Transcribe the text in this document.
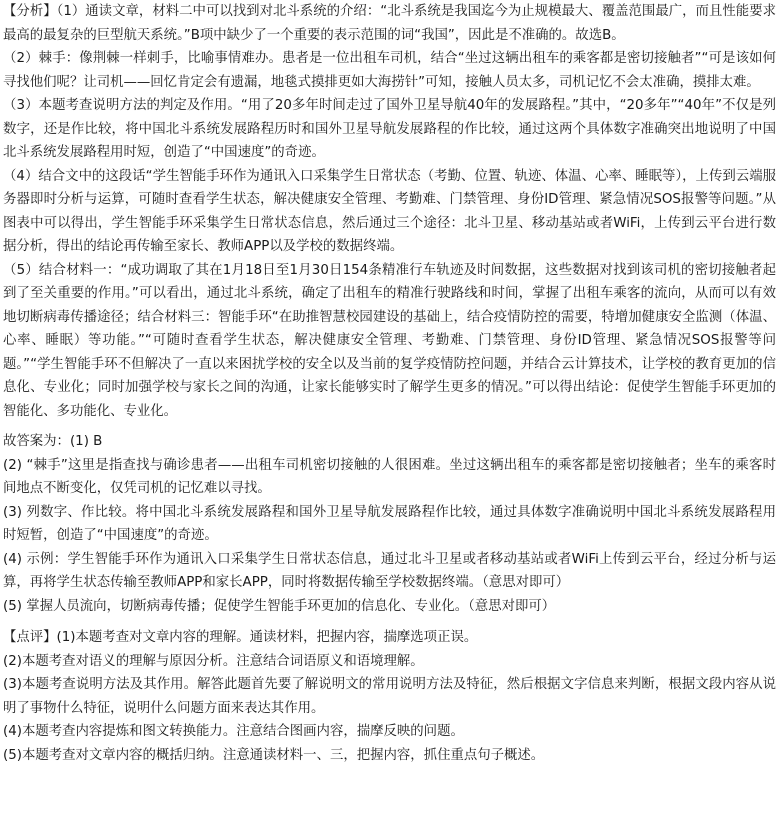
【分析】（1）通读文章，材料二中可以找到对北斗系统的介绍：“北斗系统是我国迄今为止规模最大、覆盖范围最广，而且性能要求最高的最复杂的巨型航天系统。”B项中缺少了一个重要的表示范围的词“我国”，因此是不准确的。故选B。

（2）棘手：像荆棘一样刺手，比喻事情难办。患者是一位出租车司机，结合“坐过这辆出租车的乘客都是密切接触者”“可是该如何寻找他们呢？让司机——回忆肯定会有遗漏，地毯式摸排更如大海捞针”可知，接触人员太多，司机记忆不会太准确，摸排太难。

（3）本题考查说明方法的判定及作用。“用了20多年时间走过了国外卫星导航40年的发展路程。”其中，“20多年”“40年”不仅是列数字，还是作比较，将中国北斗系统发展路程历时和国外卫星导航发展路程的作比较，通过这两个具体数字准确突出地说明了中国北斗系统发展路程用时短，创造了“中国速度”的奇迹。

（4）结合文中的这段话“学生智能手环作为通讯入口采集学生日常状态（考勤、位置、轨迹、体温、心率、睡眠等），上传到云端服务器即时分析与运算，可随时查看学生状态，解决健康安全管理、考勤难、门禁管理、身份ID管理、紧急情况SOS报警等问题。”从图表中可以得出，学生智能手环采集学生日常状态信息，然后通过三个途径：北斗卫星、移动基站或者WiFi，上传到云平台进行数据分析，得出的结论再传输至家长、教师APP以及学校的数据终端。

（5）结合材料一：“成功调取了其在1月18日至1月30日154条精准行车轨迹及时间数据，这些数据对找到该司机的密切接触者起到了至关重要的作用。”可以看出，通过北斗系统，确定了出租车的精准行驶路线和时间，掌握了出租车乘客的流向，从而可以有效地切断病毒传播途径；结合材料三：智能手环“在助推智慧校园建设的基础上，结合疫情防控的需要，特增加健康安全监测（体温、心率、睡眠）等功能。”“可随时查看学生状态，解决健康安全管理、考勤难、门禁管理、身份ID管理、紧急情况SOS报警等问题。”“学生智能手环不但解决了一直以来困扰学校的安全以及当前的复学疫情防控问题，并结合云计算技术，让学校的教育更加的信息化、专业化；同时加强学校与家长之间的沟通，让家长能够实时了解学生更多的情况。”可以得出结论：促使学生智能手环更加的智能化、多功能化、专业化。

故答案为：(1) B

(2) “棘手”这里是指查找与确诊患者——出租车司机密切接触的人很困难。坐过这辆出租车的乘客都是密切接触者；坐车的乘客时间地点不断变化，仅凭司机的记忆难以寻找。

(3) 列数字、作比较。将中国北斗系统发展路程和国外卫星导航发展路程作比较，通过具体数字准确说明中国北斗系统发展路程用时短暂，创造了“中国速度”的奇迹。

(4) 示例：学生智能手环作为通讯入口采集学生日常状态信息，通过北斗卫星或者移动基站或者WiFi上传到云平台，经过分析与运算，再将学生状态传输至教师APP和家长APP，同时将数据传输至学校数据终端。（意思对即可）

(5) 掌握人员流向，切断病毒传播；促使学生智能手环更加的信息化、专业化。（意思对即可）

【点评】(1)本题考查对文章内容的理解。通读材料，把握内容，揣摩选项正误。

(2)本题考查对语义的理解与原因分析。注意结合词语原义和语境理解。

(3)本题考查说明方法及其作用。解答此题首先要了解说明文的常用说明方法及特征，然后根据文字信息来判断，根据文段内容从说明了事物什么特征，说明什么问题方面来表达其作用。

(4)本题考查内容提炼和图文转换能力。注意结合图画内容，揣摩反映的问题。

(5)本题考查对文章内容的概括归纳。注意通读材料一、三，把握内容，抓住重点句子概述。
